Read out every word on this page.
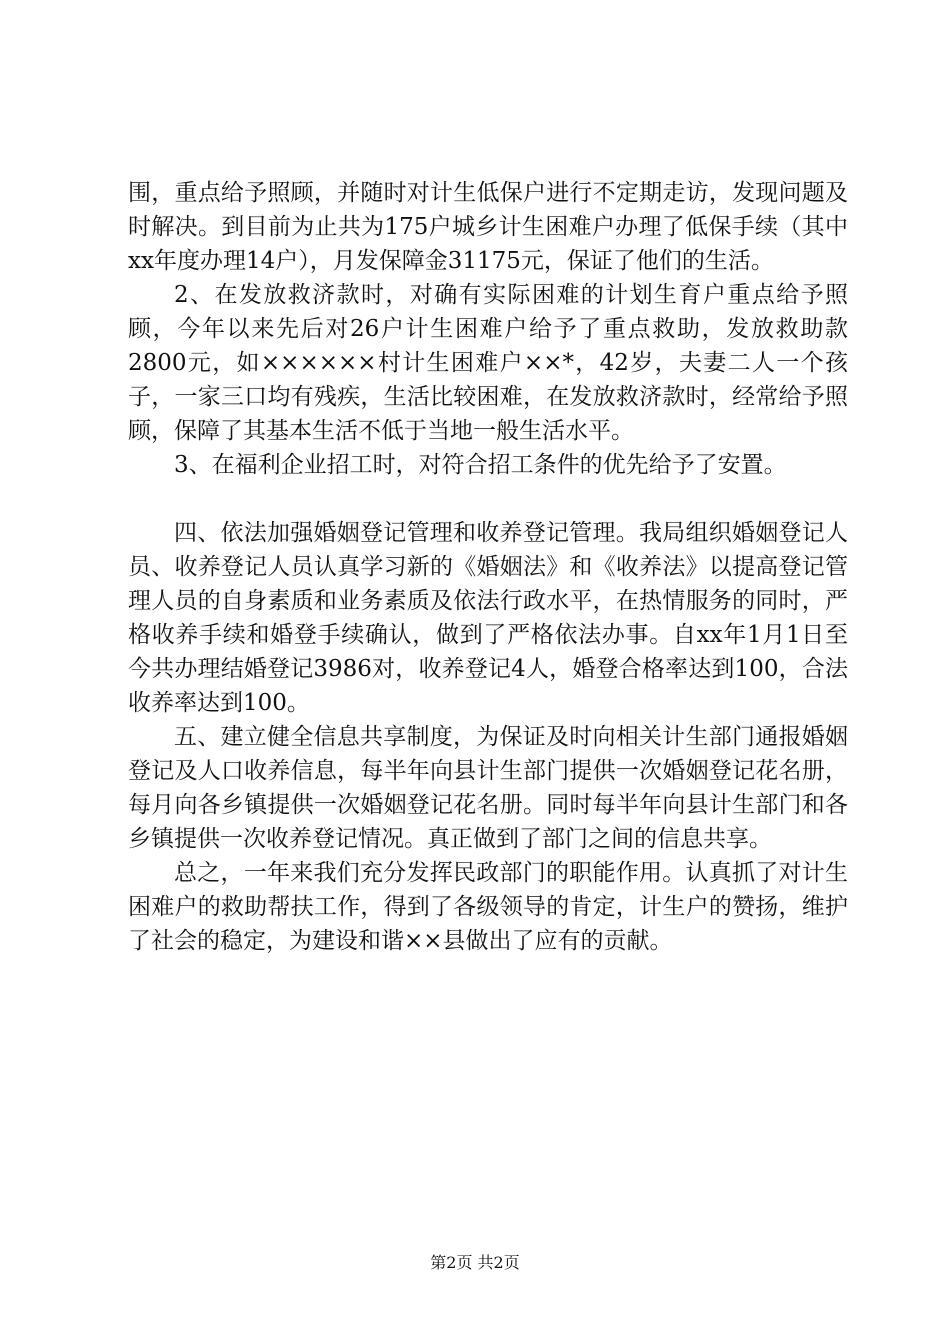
围，重点给予照顾，并随时对计生低保户进行不定期走访，发现问题及时解决。到目前为止共为175户城乡计生困难户办理了低保手续（其中xx年度办理14户），月发保障金31175元，保证了他们的生活。

2、在发放救济款时，对确有实际困难的计划生育户重点给予照顾，今年以来先后对26户计生困难户给予了重点救助，发放救助款2800元，如××××××村计生困难户××*，42岁，夫妻二人一个孩子，一家三口均有残疾，生活比较困难，在发放救济款时，经常给予照顾，保障了其基本生活不低于当地一般生活水平。

3、在福利企业招工时，对符合招工条件的优先给予了安置。

四、依法加强婚姻登记管理和收养登记管理。我局组织婚姻登记人员、收养登记人员认真学习新的《婚姻法》和《收养法》以提高登记管理人员的自身素质和业务素质及依法行政水平，在热情服务的同时，严格收养手续和婚登手续确认，做到了严格依法办事。自xx年1月1日至今共办理结婚登记3986对，收养登记4人，婚登合格率达到100，合法收养率达到100。

五、建立健全信息共享制度，为保证及时向相关计生部门通报婚姻登记及人口收养信息，每半年向县计生部门提供一次婚姻登记花名册，每月向各乡镇提供一次婚姻登记花名册。同时每半年向县计生部门和各乡镇提供一次收养登记情况。真正做到了部门之间的信息共享。

总之，一年来我们充分发挥民政部门的职能作用。认真抓了对计生困难户的救助帮扶工作，得到了各级领导的肯定，计生户的赞扬，维护了社会的稳定，为建设和谐××县做出了应有的贡献。

第2页 共2页
